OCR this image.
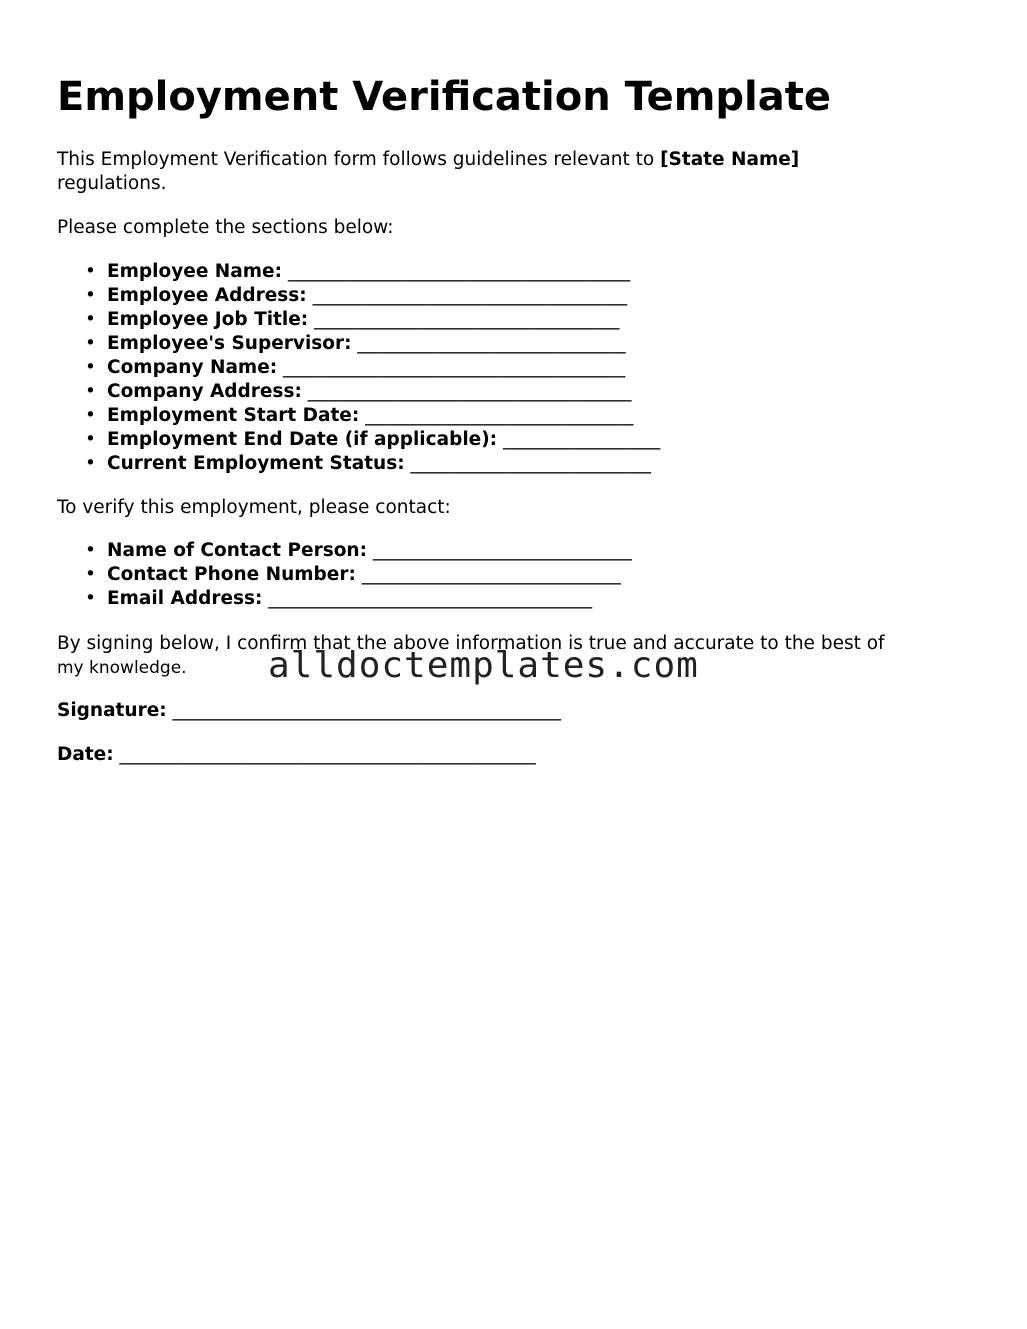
Employment Verification Template

This Employment Verification form follows guidelines relevant to [State Name]
regulations.

Please complete the sections below:

• Employee Name: _____________________________________
• Employee Address: __________________________________
• Employee Job Title: _________________________________
• Employee's Supervisor: _____________________________
• Company Name: _____________________________________
• Company Address: ___________________________________
• Employment Start Date: _____________________________
• Employment End Date (if applicable): _________________
• Current Employment Status: __________________________

To verify this employment, please contact:

• Name of Contact Person: ____________________________
• Contact Phone Number: ____________________________
• Email Address: ___________________________________

By signing below, I confirm that the above information is true and accurate to the best of
my knowledge.

Signature: __________________________________________

Date: _____________________________________________

alldoctemplates.com
